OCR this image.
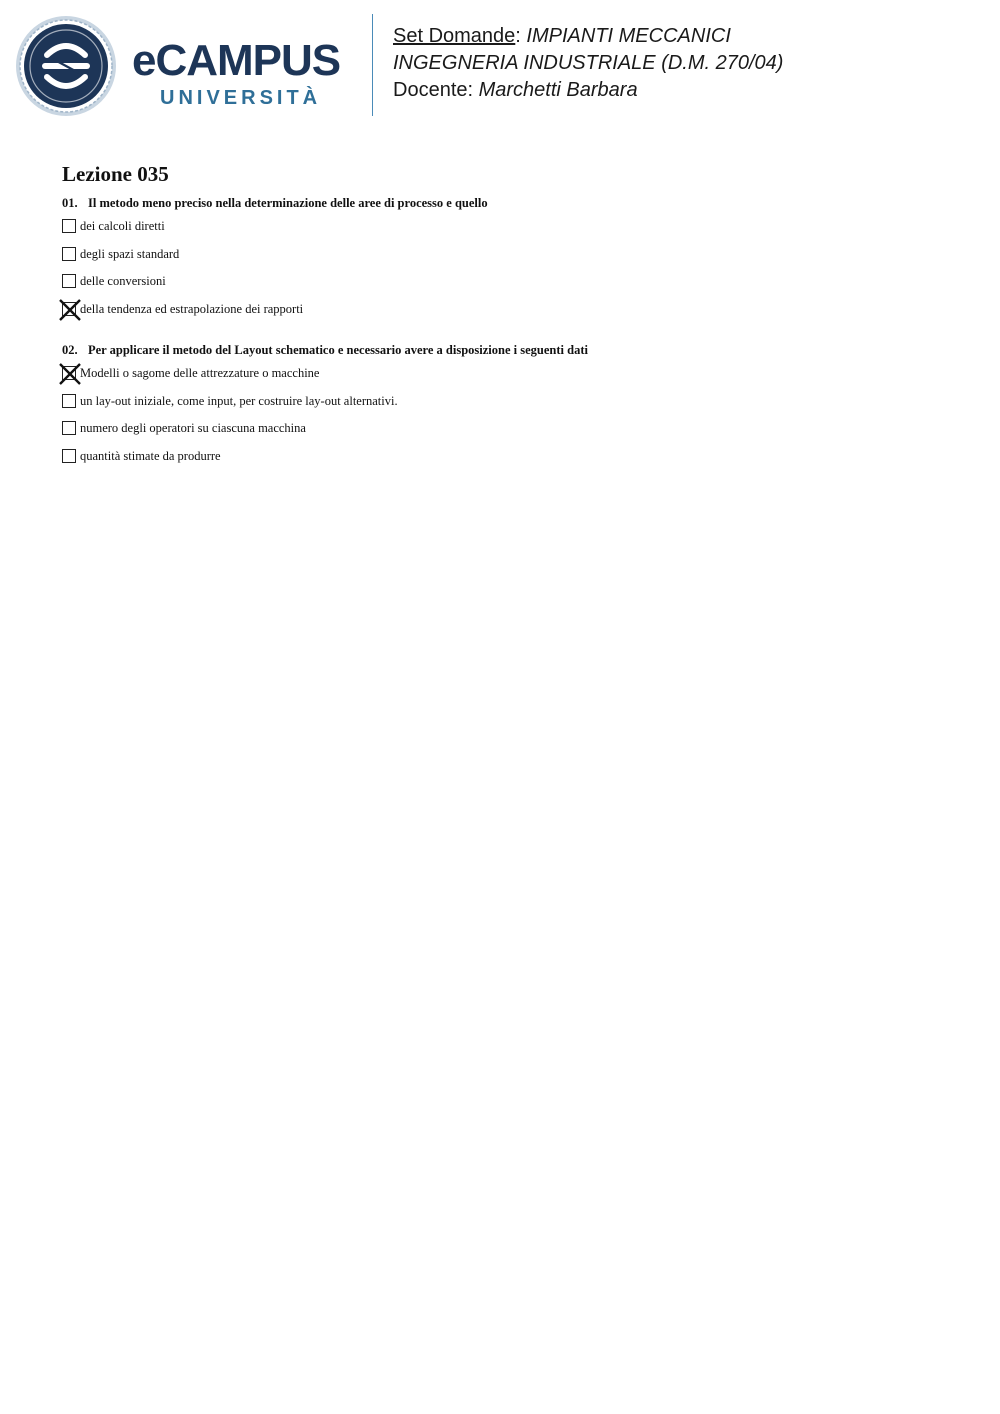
eCAMPUS
UNIVERSITÀ
Set Domande: IMPIANTI MECCANICI
INGEGNERIA INDUSTRIALE (D.M. 270/04)
Docente: Marchetti Barbara
Lezione 035
01. Il metodo meno preciso nella determinazione delle aree di processo e quello
dei calcoli diretti
degli spazi standard
delle conversioni
della tendenza ed estrapolazione dei rapporti
02. Per applicare il metodo del Layout schematico e necessario avere a disposizione i seguenti dati
Modelli o sagome delle attrezzature o macchine
un lay-out iniziale, come input, per costruire lay-out alternativi.
numero degli operatori su ciascuna macchina
quantità stimate da produrre
